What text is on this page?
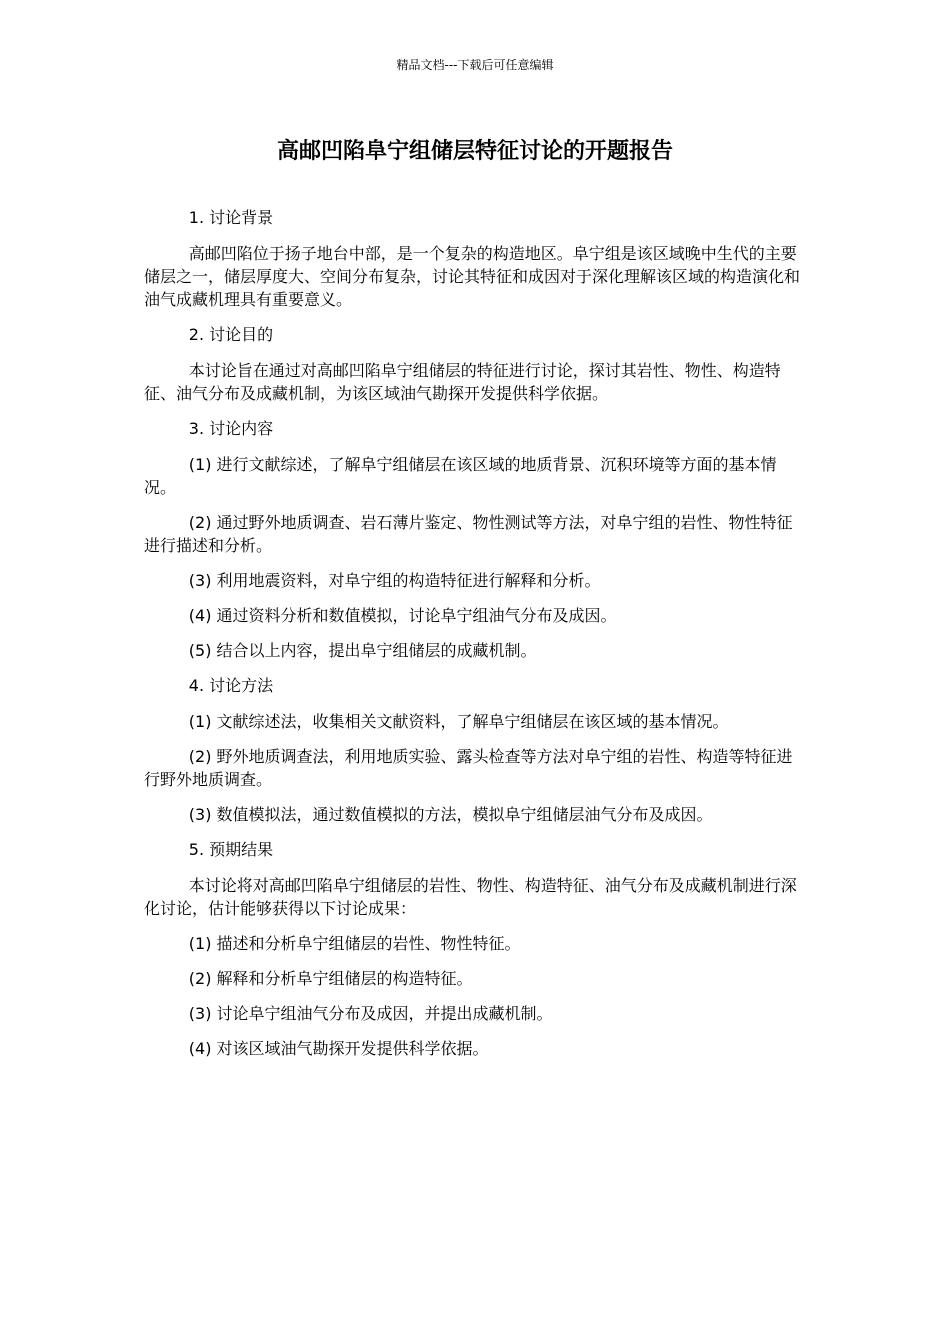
精品文档---下载后可任意编辑
高邮凹陷阜宁组储层特征讨论的开题报告

1. 讨论背景

高邮凹陷位于扬子地台中部，是一个复杂的构造地区。阜宁组是该区域晚中生代的主要储层之一，储层厚度大、空间分布复杂，讨论其特征和成因对于深化理解该区域的构造演化和油气成藏机理具有重要意义。

2. 讨论目的

本讨论旨在通过对高邮凹陷阜宁组储层的特征进行讨论，探讨其岩性、物性、构造特征、油气分布及成藏机制，为该区域油气勘探开发提供科学依据。

3. 讨论内容

(1) 进行文献综述，了解阜宁组储层在该区域的地质背景、沉积环境等方面的基本情况。

(2) 通过野外地质调查、岩石薄片鉴定、物性测试等方法，对阜宁组的岩性、物性特征进行描述和分析。

(3) 利用地震资料，对阜宁组的构造特征进行解释和分析。

(4) 通过资料分析和数值模拟，讨论阜宁组油气分布及成因。

(5) 结合以上内容，提出阜宁组储层的成藏机制。

4. 讨论方法

(1) 文献综述法，收集相关文献资料，了解阜宁组储层在该区域的基本情况。

(2) 野外地质调查法，利用地质实验、露头检查等方法对阜宁组的岩性、构造等特征进行野外地质调查。

(3) 数值模拟法，通过数值模拟的方法，模拟阜宁组储层油气分布及成因。

5. 预期结果

本讨论将对高邮凹陷阜宁组储层的岩性、物性、构造特征、油气分布及成藏机制进行深化讨论，估计能够获得以下讨论成果：

(1) 描述和分析阜宁组储层的岩性、物性特征。

(2) 解释和分析阜宁组储层的构造特征。

(3) 讨论阜宁组油气分布及成因，并提出成藏机制。

(4) 对该区域油气勘探开发提供科学依据。
